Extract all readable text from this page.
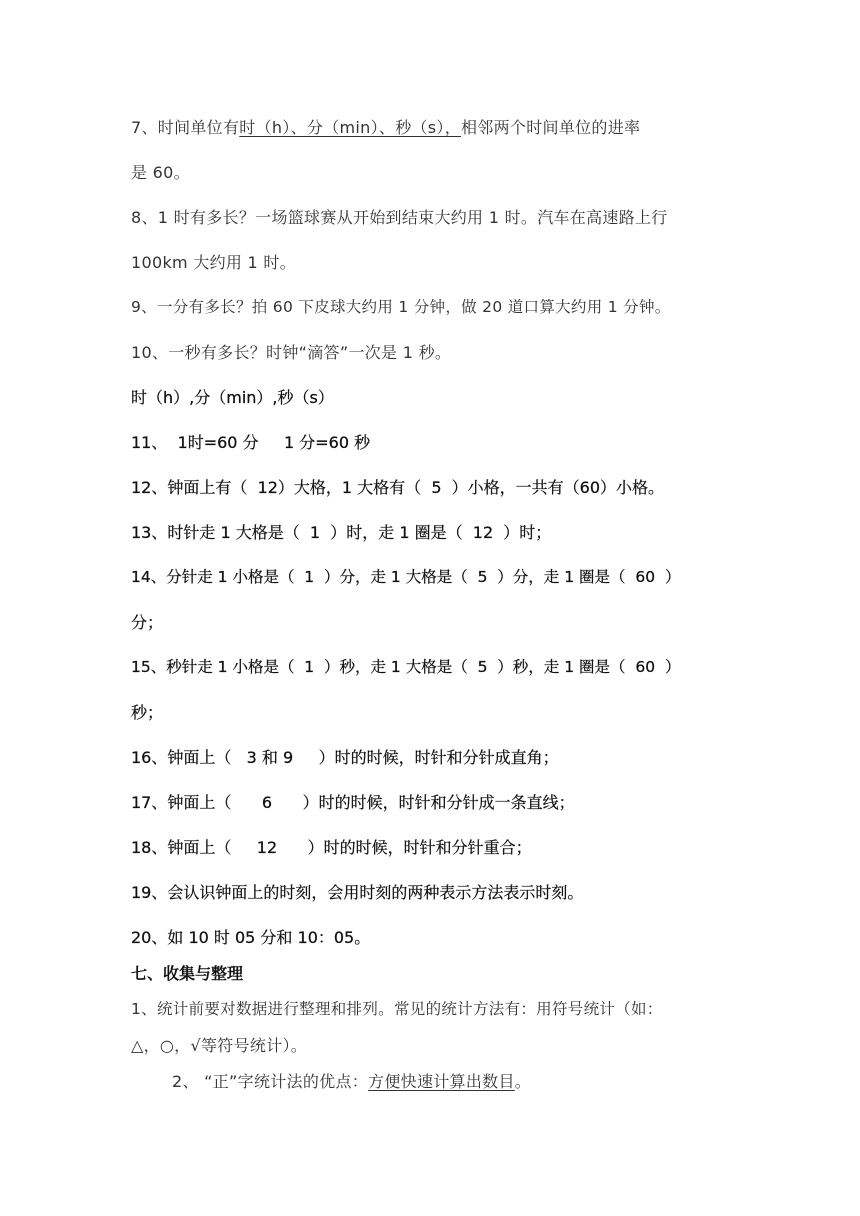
7、时间单位有时（h）、分（min）、秒（s），相邻两个时间单位的进率
是 60。
8、1 时有多长？一场篮球赛从开始到结束大约用 1 时。汽车在高速路上行
100km 大约用 1 时。
9、一分有多长？拍 60 下皮球大约用 1 分钟，做 20 道口算大约用 1 分钟。
10、一秒有多长？时钟“滴答”一次是 1 秒。
时（h）,分（min）,秒（s）
11、  1时=60 分     1 分=60 秒
12、钟面上有（  12）大格，1 大格有（  5  ）小格，一共有（60）小格。
13、时针走 1 大格是（  1  ）时，走 1 圈是（  12  ）时；
14、分针走 1 小格是（  1  ）分，走 1 大格是（  5  ）分，走 1 圈是（  60  ）
分；
15、秒针走 1 小格是（  1  ）秒，走 1 大格是（  5  ）秒，走 1 圈是（  60  ）
秒；
16、钟面上（   3 和 9     ）时的时候，时针和分针成直角；
17、钟面上（      6      ）时的时候，时针和分针成一条直线；
18、钟面上（     12      ）时的时候，时针和分针重合；
19、会认识钟面上的时刻，会用时刻的两种表示方法表示时刻。
20、如 10 时 05 分和 10：05。
七、收集与整理
1、统计前要对数据进行整理和排列。常见的统计方法有：用符号统计（如：
△，○，√等符号统计）。
2、 “正”字统计法的优点：方便快速计算出数目。
